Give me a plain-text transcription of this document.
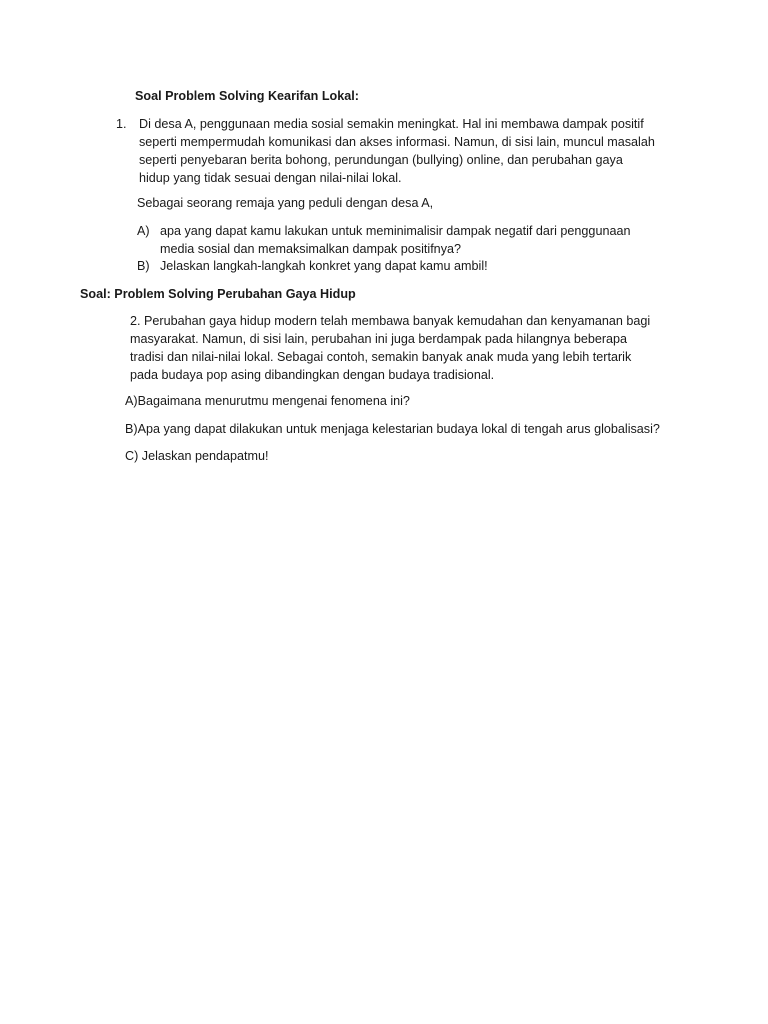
Soal Problem Solving Kearifan Lokal:
1. Di desa A, penggunaan media sosial semakin meningkat. Hal ini membawa dampak positif
seperti mempermudah komunikasi dan akses informasi. Namun, di sisi lain, muncul masalah
seperti penyebaran berita bohong, perundungan (bullying) online, dan perubahan gaya
hidup yang tidak sesuai dengan nilai-nilai lokal.
Sebagai seorang remaja yang peduli dengan desa A,
A) apa yang dapat kamu lakukan untuk meminimalisir dampak negatif dari penggunaan
media sosial dan memaksimalkan dampak positifnya?
B) Jelaskan langkah-langkah konkret yang dapat kamu ambil!
Soal: Problem Solving Perubahan Gaya Hidup
2. Perubahan gaya hidup modern telah membawa banyak kemudahan dan kenyamanan bagi
masyarakat. Namun, di sisi lain, perubahan ini juga berdampak pada hilangnya beberapa
tradisi dan nilai-nilai lokal. Sebagai contoh, semakin banyak anak muda yang lebih tertarik
pada budaya pop asing dibandingkan dengan budaya tradisional.
A)Bagaimana menurutmu mengenai fenomena ini?
B)Apa yang dapat dilakukan untuk menjaga kelestarian budaya lokal di tengah arus globalisasi?
C) Jelaskan pendapatmu!
